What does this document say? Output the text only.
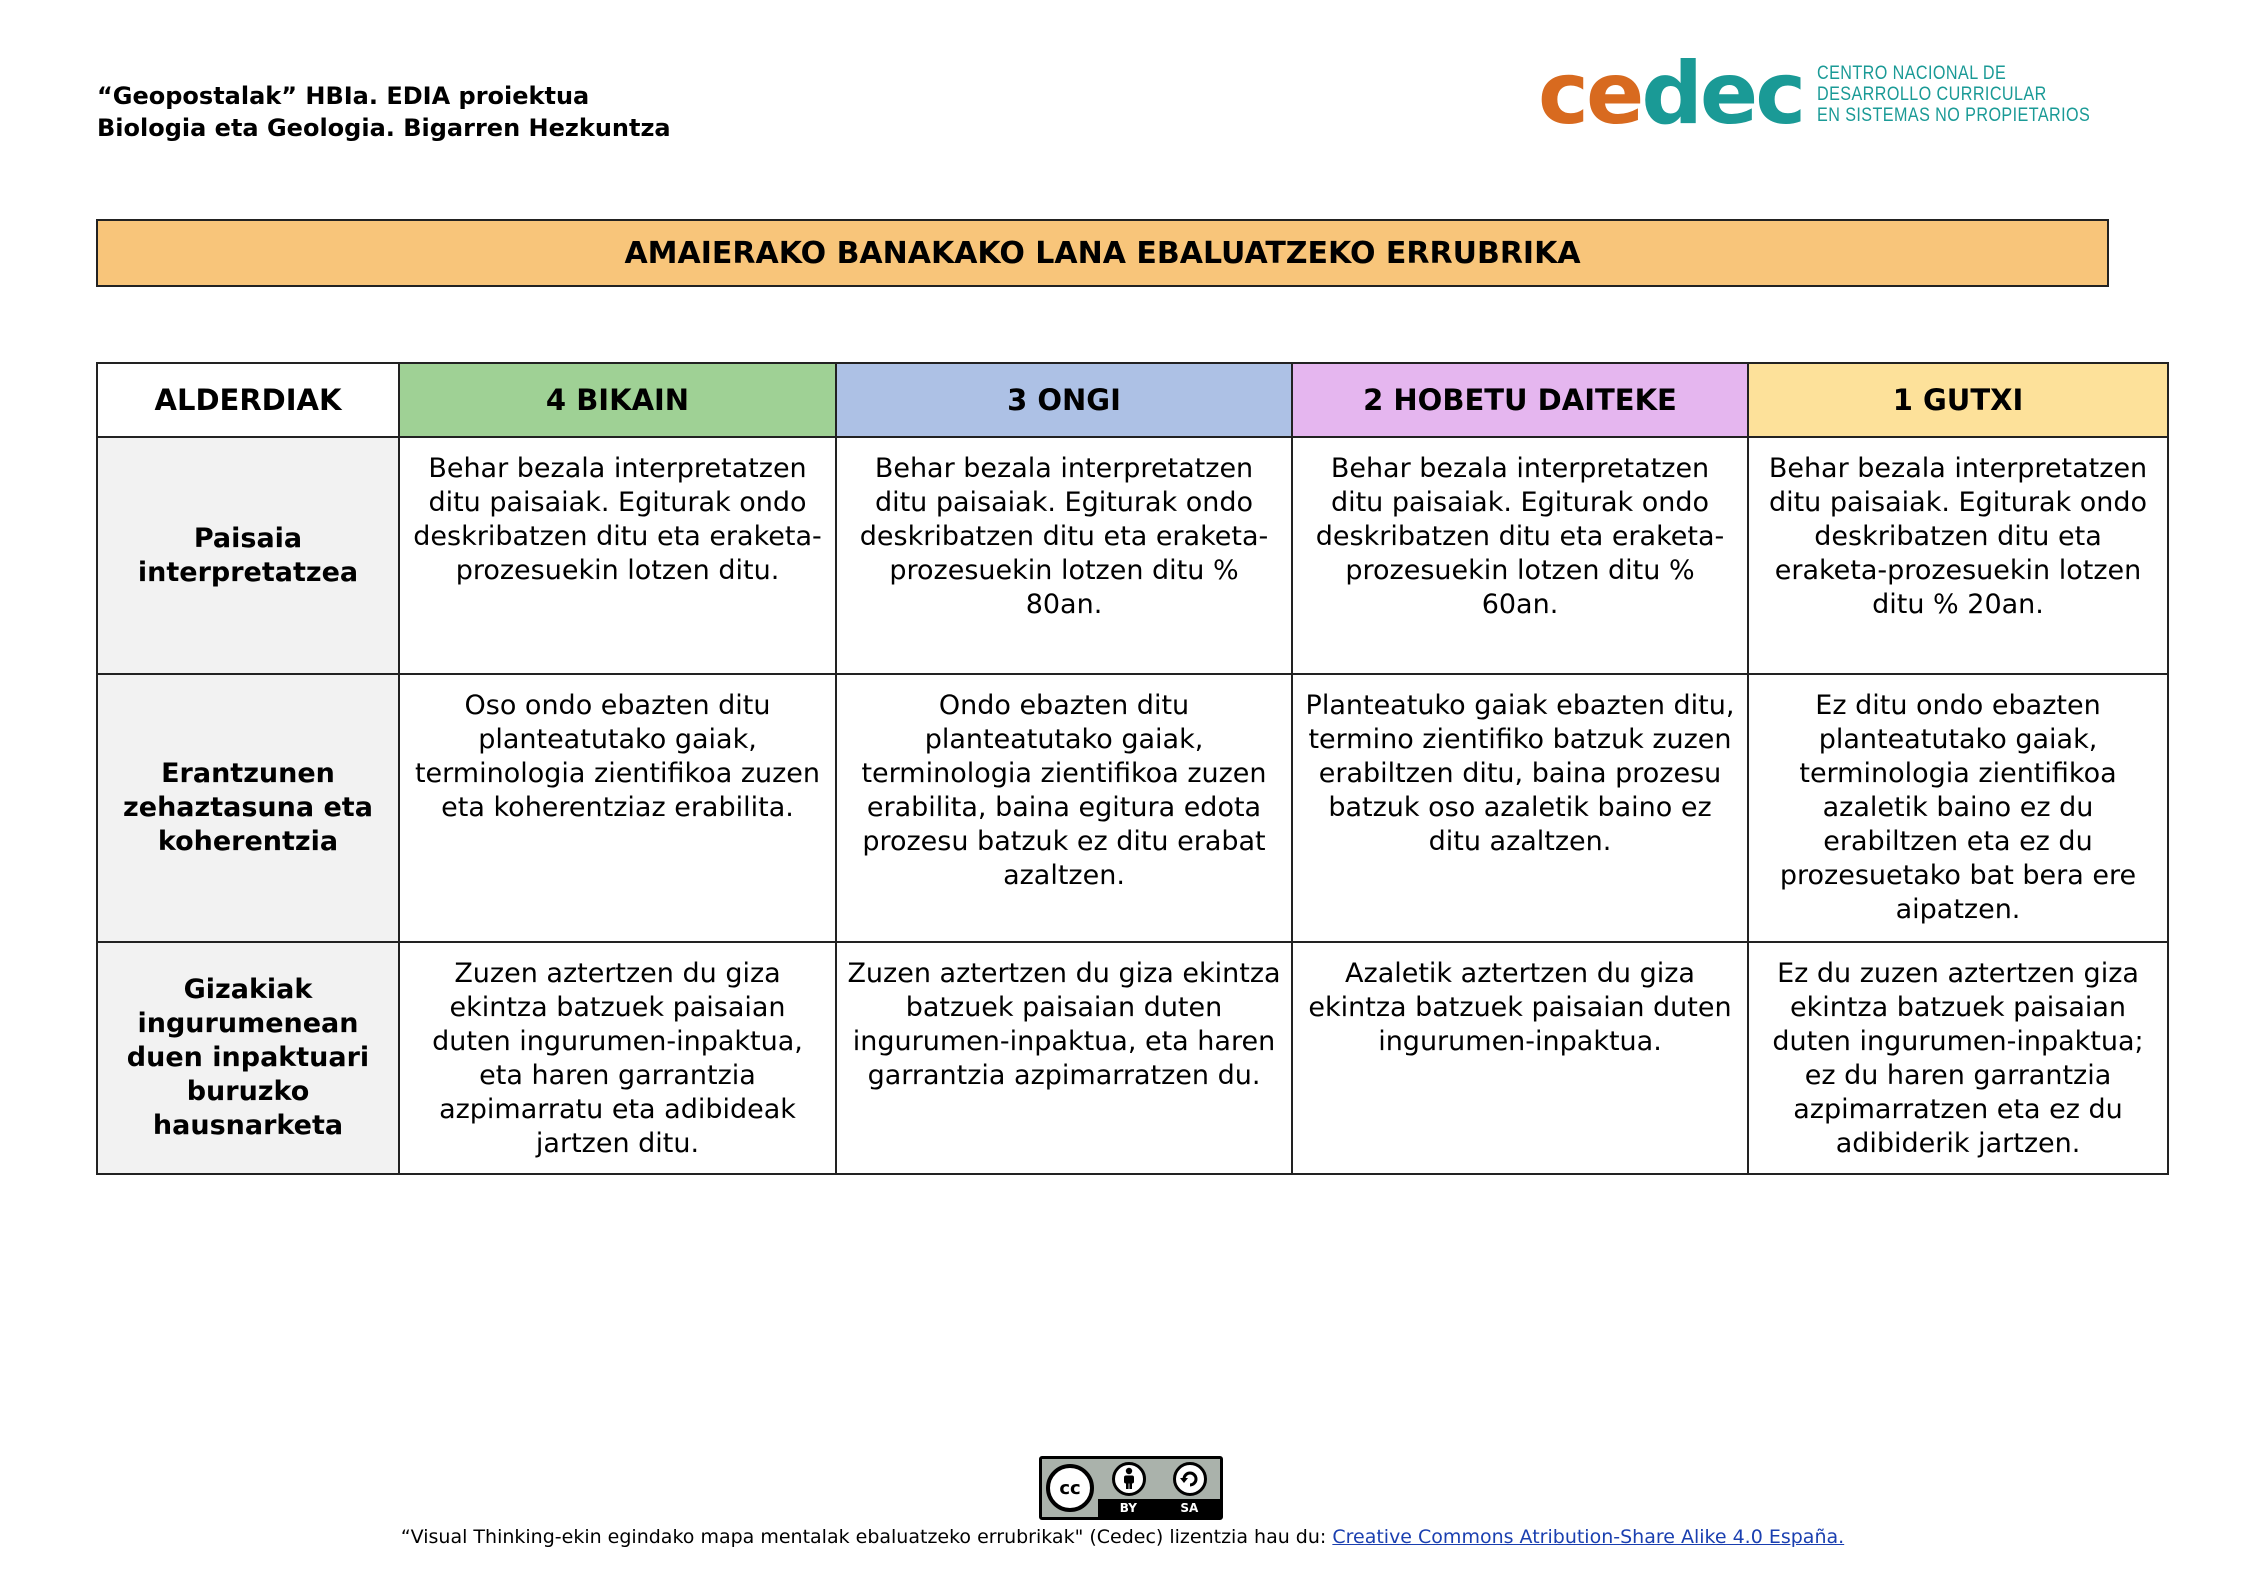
“Geopostalak” HBIa. EDIA proiektua
Biologia eta Geologia. Bigarren Hezkuntza	cedec CENTRO NACIONAL DE
DESARROLLO CURRICULAR
EN SISTEMAS NO PROPIETARIOS
AMAIERAKO BANAKAKO LANA EBALUATZEKO ERRUBRIKA
ALDERDIAK	4 BIKAIN	3 ONGI	2 HOBETU DAITEKE	1 GUTXI
Paisaia interpretatzea	Behar bezala interpretatzen ditu paisaiak. Egiturak ondo deskribatzen ditu eta eraketa-prozesuekin lotzen ditu.	Behar bezala interpretatzen ditu paisaiak. Egiturak ondo deskribatzen ditu eta eraketa-prozesuekin lotzen ditu % 80an.	Behar bezala interpretatzen ditu paisaiak. Egiturak ondo deskribatzen ditu eta eraketa-prozesuekin lotzen ditu % 60an.	Behar bezala interpretatzen ditu paisaiak. Egiturak ondo deskribatzen ditu eta eraketa-prozesuekin lotzen ditu % 20an.
Erantzunen zehaztasuna eta koherentzia	Oso ondo ebazten ditu planteatutako gaiak, terminologia zientifikoa zuzen eta koherentziaz erabilita.	Ondo ebazten ditu planteatutako gaiak, terminologia zientifikoa zuzen erabilita, baina egitura edota prozesu batzuk ez ditu erabat azaltzen.	Planteatuko gaiak ebazten ditu, termino zientifiko batzuk zuzen erabiltzen ditu, baina prozesu batzuk oso azaletik baino ez ditu azaltzen.	Ez ditu ondo ebazten planteatutako gaiak, terminologia zientifikoa azaletik baino ez du erabiltzen eta ez du prozesuetako bat bera ere aipatzen.
Gizakiak ingurumenean duen inpaktuari buruzko hausnarketa	Zuzen aztertzen du giza ekintza batzuek paisaian duten ingurumen-inpaktua, eta haren garrantzia azpimarratu eta adibideak jartzen ditu.	Zuzen aztertzen du giza ekintza batzuek paisaian duten ingurumen-inpaktua, eta haren garrantzia azpimarratzen du.	Azaletik aztertzen du giza ekintza batzuek paisaian duten ingurumen-inpaktua.	Ez du zuzen aztertzen giza ekintza batzuek paisaian duten ingurumen-inpaktua; ez du haren garrantzia azpimarratzen eta ez du adibiderik jartzen.
cc
BY	SA
“Visual Thinking-ekin egindako mapa mentalak ebaluatzeko errubrikak" (Cedec) lizentzia hau du: Creative Commons Atribution-Share Alike 4.0 España.
